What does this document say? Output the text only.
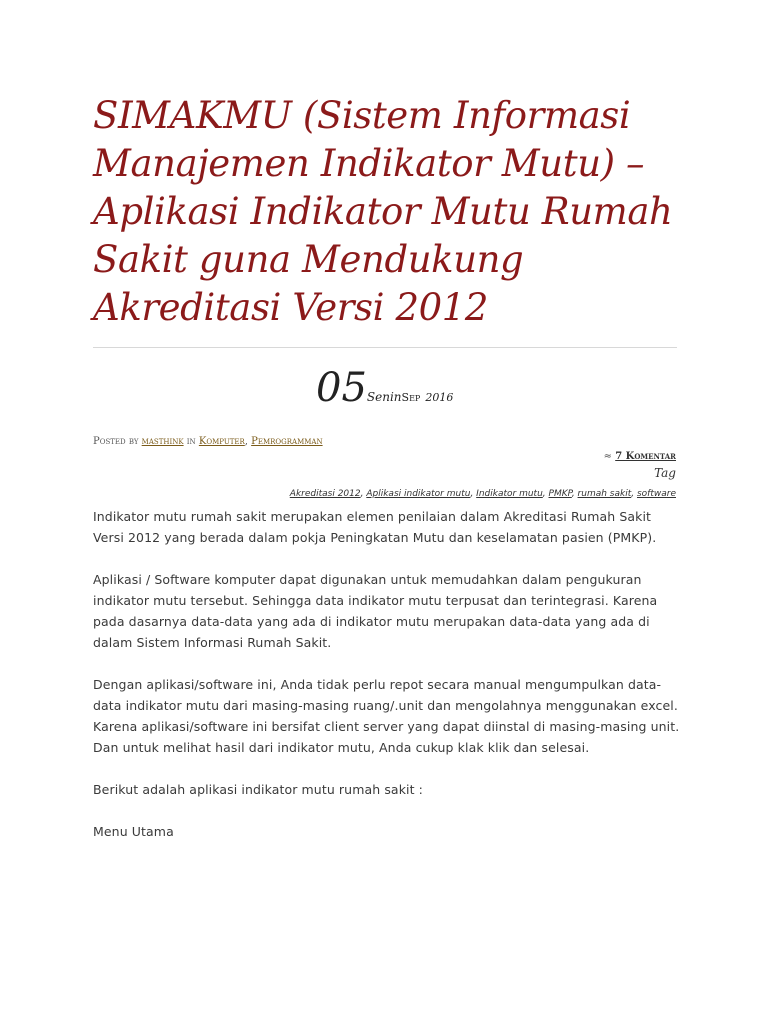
SIMAKMU (Sistem Informasi Manajemen Indikator Mutu) – Aplikasi Indikator Mutu Rumah Sakit guna Mendukung Akreditasi Versi 2012
05SeninSep 2016
Posted by masthink in Komputer, Pemrogramman
≈ 7 Komentar
Tag
Akreditasi 2012, Aplikasi indikator mutu, Indikator mutu, PMKP, rumah sakit, software

Indikator mutu rumah sakit merupakan elemen penilaian dalam Akreditasi Rumah Sakit Versi 2012 yang berada dalam pokja Peningkatan Mutu dan keselamatan pasien (PMKP).

Aplikasi / Software komputer dapat digunakan untuk memudahkan dalam pengukuran indikator mutu tersebut. Sehingga data indikator mutu terpusat dan terintegrasi. Karena pada dasarnya data-data yang ada di indikator mutu merupakan data-data yang ada di dalam Sistem Informasi Rumah Sakit.

Dengan aplikasi/software ini, Anda tidak perlu repot secara manual mengumpulkan data-data indikator mutu dari masing-masing ruang/.unit dan mengolahnya menggunakan excel. Karena aplikasi/software ini bersifat client server yang dapat diinstal di masing-masing unit. Dan untuk melihat hasil dari indikator mutu, Anda cukup klak klik dan selesai.

Berikut adalah aplikasi indikator mutu rumah sakit :

Menu Utama
